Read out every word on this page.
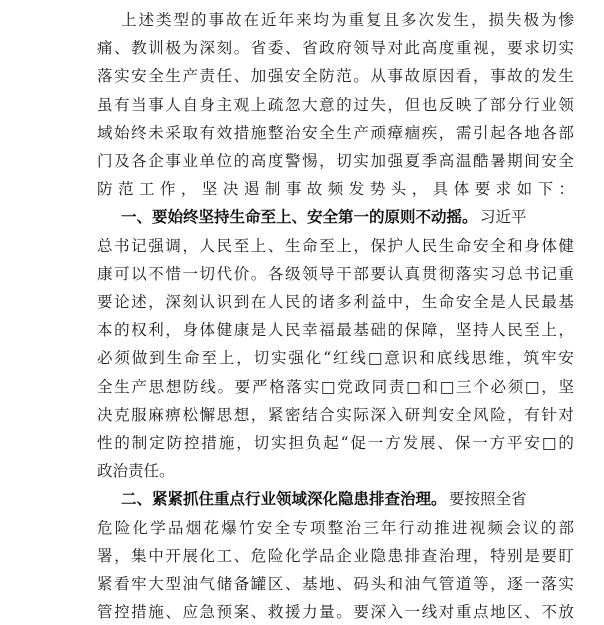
上述类型的事故在近年来均为重复且多次发生，损失极为惨
痛、教训极为深刻。省委、省政府领导对此高度重视，要求切实
落实安全生产责任、加强安全防范。从事故原因看，事故的发生
虽有当事人自身主观上疏忽大意的过失，但也反映了部分行业领
域始终未采取有效措施整治安全生产顽瘴痼疾，需引起各地各部
门及各企事业单位的高度警惕，切实加强夏季高温酷暑期间安全
防范工作，坚决遏制事故频发势头，具体要求如下：
一、要始终坚持生命至上、安全第一的原则不动摇。 习近平
总书记强调，人民至上、生命至上，保护人民生命安全和身体健
康可以不惜一切代价。各级领导干部要认真贯彻落实习总书记重
要论述，深刻认识到在人民的诸多利益中，生命安全是人民最基
本的权利，身体健康是人民幸福最基础的保障，坚持人民至上，
必须做到生命至上，切实强化“红线□意识和底线思维，筑牢安
全生产思想防线。要严格落实□党政同责□和□三个必须□，坚
决克服麻痹松懈思想，紧密结合实际深入研判安全风险，有针对
性的制定防控措施，切实担负起“促一方发展、保一方平安□的
政治责任。
二、紧紧抓住重点行业领域深化隐患排查治理。 要按照全省
危险化学品烟花爆竹安全专项整治三年行动推进视频会议的部
署，集中开展化工、危险化学品企业隐患排查治理，特别是要盯
紧看牢大型油气储备罐区、基地、码头和油气管道等，逐一落实
管控措施、应急预案、救援力量。要深入一线对重点地区、不放
